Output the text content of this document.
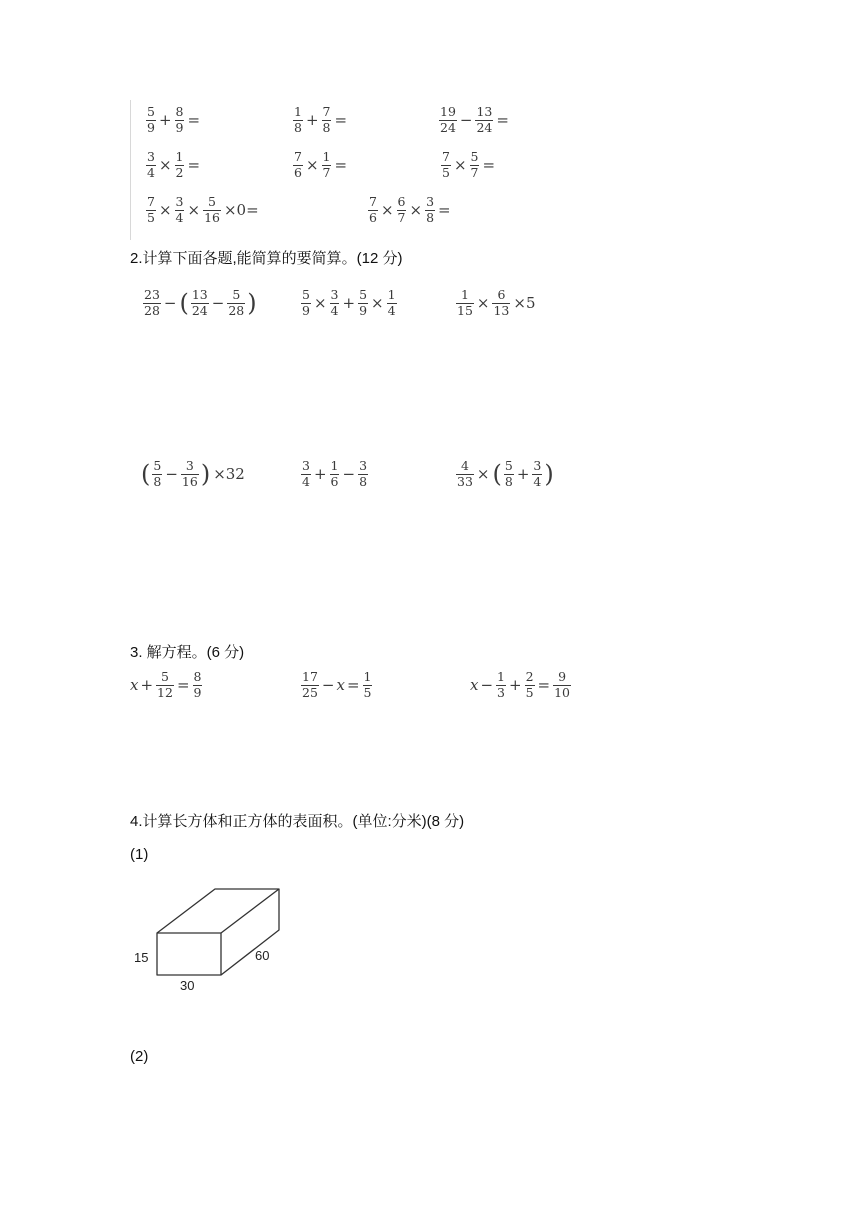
$\frac{5}{9} + \frac{8}{9}$ =	$\frac{1}{8} + \frac{7}{8}$ =	$\frac{19}{24} - \frac{13}{24}$ =
$\frac{3}{4} \times \frac{1}{2}$ =	$\frac{7}{6} \times \frac{1}{7}$ =	$\frac{7}{5} \times \frac{5}{7}$ =
$\frac{7}{5} \times \frac{3}{4} \times \frac{5}{16} \times 0=$	$\frac{7}{6} \times \frac{6}{7} \times \frac{3}{8}$ =
2.计算下面各题,能简算的要简算。(12 分)
$\frac{23}{28}$ − ( $\frac{13}{24} - \frac{5}{28}$ )	$\frac{5}{9} \times \frac{3}{4} + \frac{5}{9} \times \frac{1}{4}$	$\frac{1}{15} \times \frac{6}{13} \times 5$
( $\frac{5}{8} - \frac{3}{16}$ ) ×32	$\frac{3}{4} + \frac{1}{6} - \frac{3}{8}$	$\frac{4}{33}$ × ( $\frac{5}{8} + \frac{3}{4}$ )
3. 解方程。(6 分)
$x + \frac{5}{12} = \frac{8}{9}$	$\frac{17}{25} - x = \frac{1}{5}$	$x - \frac{1}{3} + \frac{2}{5} = \frac{9}{10}$
4.计算长方体和正方体的表面积。(单位:分米)(8 分)
(1)
15
30
60
(2)
